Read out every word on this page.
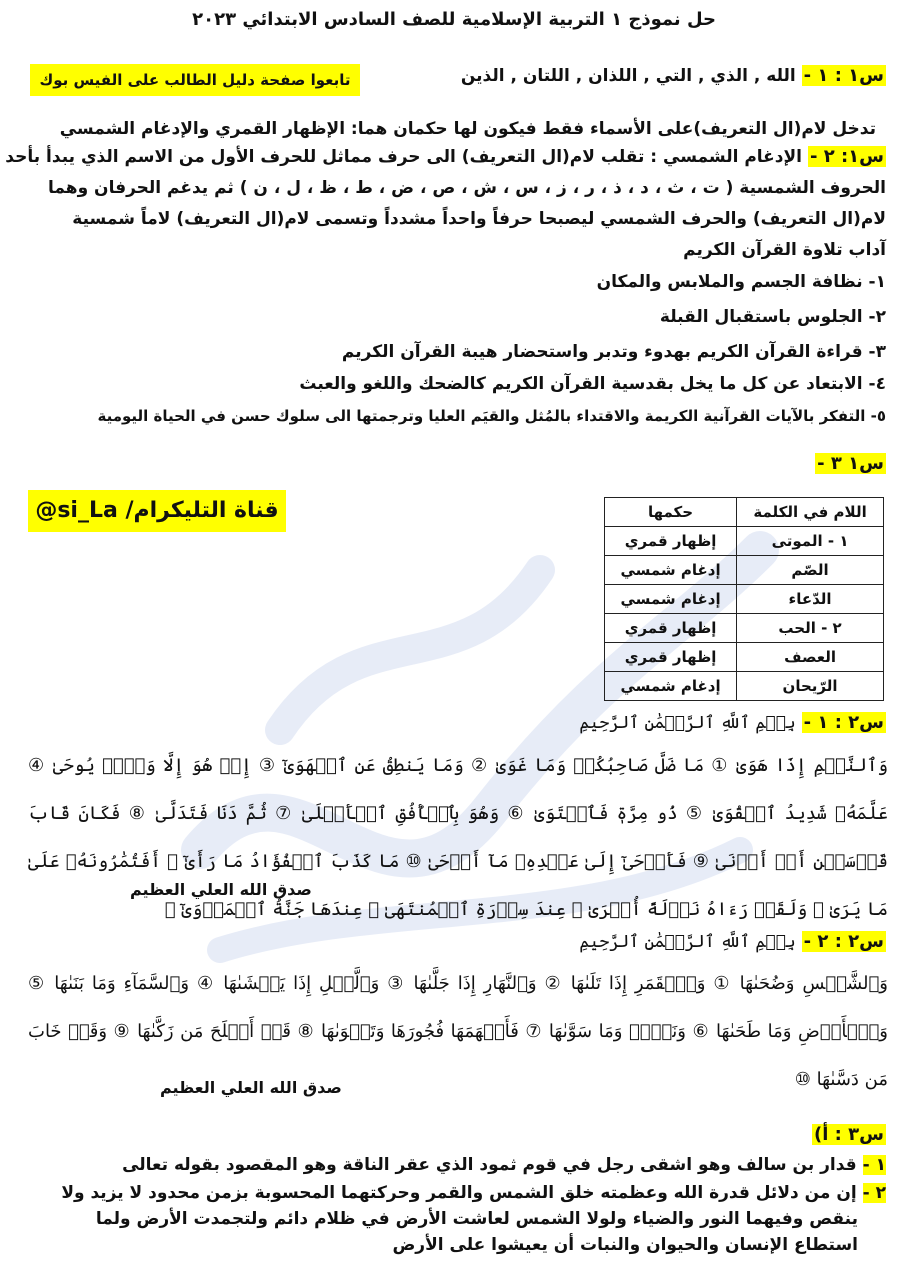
حل نموذج ١ التربية الإسلامية للصف السادس الابتدائي ٢٠٢٣
تابعوا صفحة دليل الطالب على الفيس بوك	س١ : ١ - الله , الذي , التي , اللذان , اللتان , الذين
تدخل لام(ال التعريف)على الأسماء فقط فيكون لها حكمان هما: الإظهار القمري والإدغام الشمسي
س١: ٢ - الإدغام الشمسي : تقلب لام(ال التعريف) الى حرف مماثل للحرف الأول من الاسم الذي يبدأ بأحد
الحروف الشمسية ( ت ، ث ، د ، ذ ، ر ، ز ، س ، ش ، ص ، ض ، ط ، ظ ، ل ، ن ) ثم يدغم الحرفان وهما
لام(ال التعريف) والحرف الشمسي ليصبحا حرفاً واحداً مشدداً وتسمى لام(ال التعريف) لاماً شمسية
آداب تلاوة القرآن الكريم
١- نظافة الجسم والملابس والمكان
٢- الجلوس باستقبال القبلة
٣- قراءة القرآن الكريم بهدوء وتدبر واستحضار هيبة القرآن الكريم
٤- الابتعاد عن كل ما يخل بقدسية القرآن الكريم كالضحك واللغو والعبث
٥- التفكر بالآيات القرآنية الكريمة والاقتداء بالمُثل والقيَم العليا وترجمتها الى سلوك حسن في الحياة اليومية
س١ ٣ -
قناة التليكرام/ si_La@	اللام في الكلمة	حكمها
١ - الموتى	إظهار قمري
الصّم	إدغام شمسي
الدّعاء	إدغام شمسي
٢ - الحب	إظهار قمري
العصف	إظهار قمري
الرّيحان	إدغام شمسي
س٢ : ١ - بِسۡمِ ٱللَّهِ ٱلرَّحۡمَٰنِ ٱلرَّحِيمِ
وَٱلنَّجۡمِ إِذَا هَوَىٰ ① مَا ضَلَّ صَاحِبُكُمۡ وَمَا غَوَىٰ ② وَمَا يَنطِقُ عَنِ ٱلۡهَوَىٰٓ ③ إِنۡ هُوَ إِلَّا وَحۡيٞ يُوحَىٰ ④ عَلَّمَهُۥ شَدِيدُ ٱلۡقُوَىٰ ⑤ ذُو مِرَّةٖ فَٱسۡتَوَىٰ ⑥ وَهُوَ بِٱلۡأُفُقِ ٱلۡأَعۡلَىٰ ⑦ ثُمَّ دَنَا فَتَدَلَّىٰ ⑧ فَكَانَ قَابَ قَوۡسَيۡنِ أَوۡ أَدۡنَىٰ ⑨ فَأَوۡحَىٰٓ إِلَىٰ عَبۡدِهِۦ مَآ أَوۡحَىٰ ⑩ مَا كَذَبَ ٱلۡفُؤَادُ مَا رَأَىٰٓ ⑪ أَفَتُمَٰرُونَهُۥ عَلَىٰ مَا يَرَىٰ ⑫ وَلَقَدۡ رَءَاهُ نَزۡلَةً أُخۡرَىٰ ⑬ عِندَ سِدۡرَةِ ٱلۡمُنتَهَىٰ ⑭ عِندَهَا جَنَّةُ ٱلۡمَأۡوَىٰٓ ⑮
صدق الله العلي العظيم
س٢ : ٢ - بِسۡمِ ٱللَّهِ ٱلرَّحۡمَٰنِ ٱلرَّحِيمِ
وَٱلشَّمۡسِ وَضُحَىٰهَا ① وَٱلۡقَمَرِ إِذَا تَلَىٰهَا ② وَٱلنَّهَارِ إِذَا جَلَّىٰهَا ③ وَٱلَّيۡلِ إِذَا يَغۡشَىٰهَا ④ وَٱلسَّمَآءِ وَمَا بَنَىٰهَا ⑤ وَٱلۡأَرۡضِ وَمَا طَحَىٰهَا ⑥ وَنَفۡسٖ وَمَا سَوَّىٰهَا ⑦ فَأَلۡهَمَهَا فُجُورَهَا وَتَقۡوَىٰهَا ⑧ قَدۡ أَفۡلَحَ مَن زَكَّىٰهَا ⑨ وَقَدۡ خَابَ مَن دَسَّىٰهَا ⑩
صدق الله العلي العظيم
س٣ : أ)
١ - قدار بن سالف وهو اشقى رجل في قوم ثمود الذي عقر الناقة وهو المقصود بقوله تعالى
٢ - إن من دلائل قدرة الله وعظمته خلق الشمس والقمر وحركتهما المحسوبة بزمن محدود لا يزيد ولا
ينقص وفيهما النور والضياء ولولا الشمس لعاشت الأرض في ظلام دائم ولتجمدت الأرض ولما
استطاع الإنسان والحيوان والنبات أن يعيشوا على الأرض
